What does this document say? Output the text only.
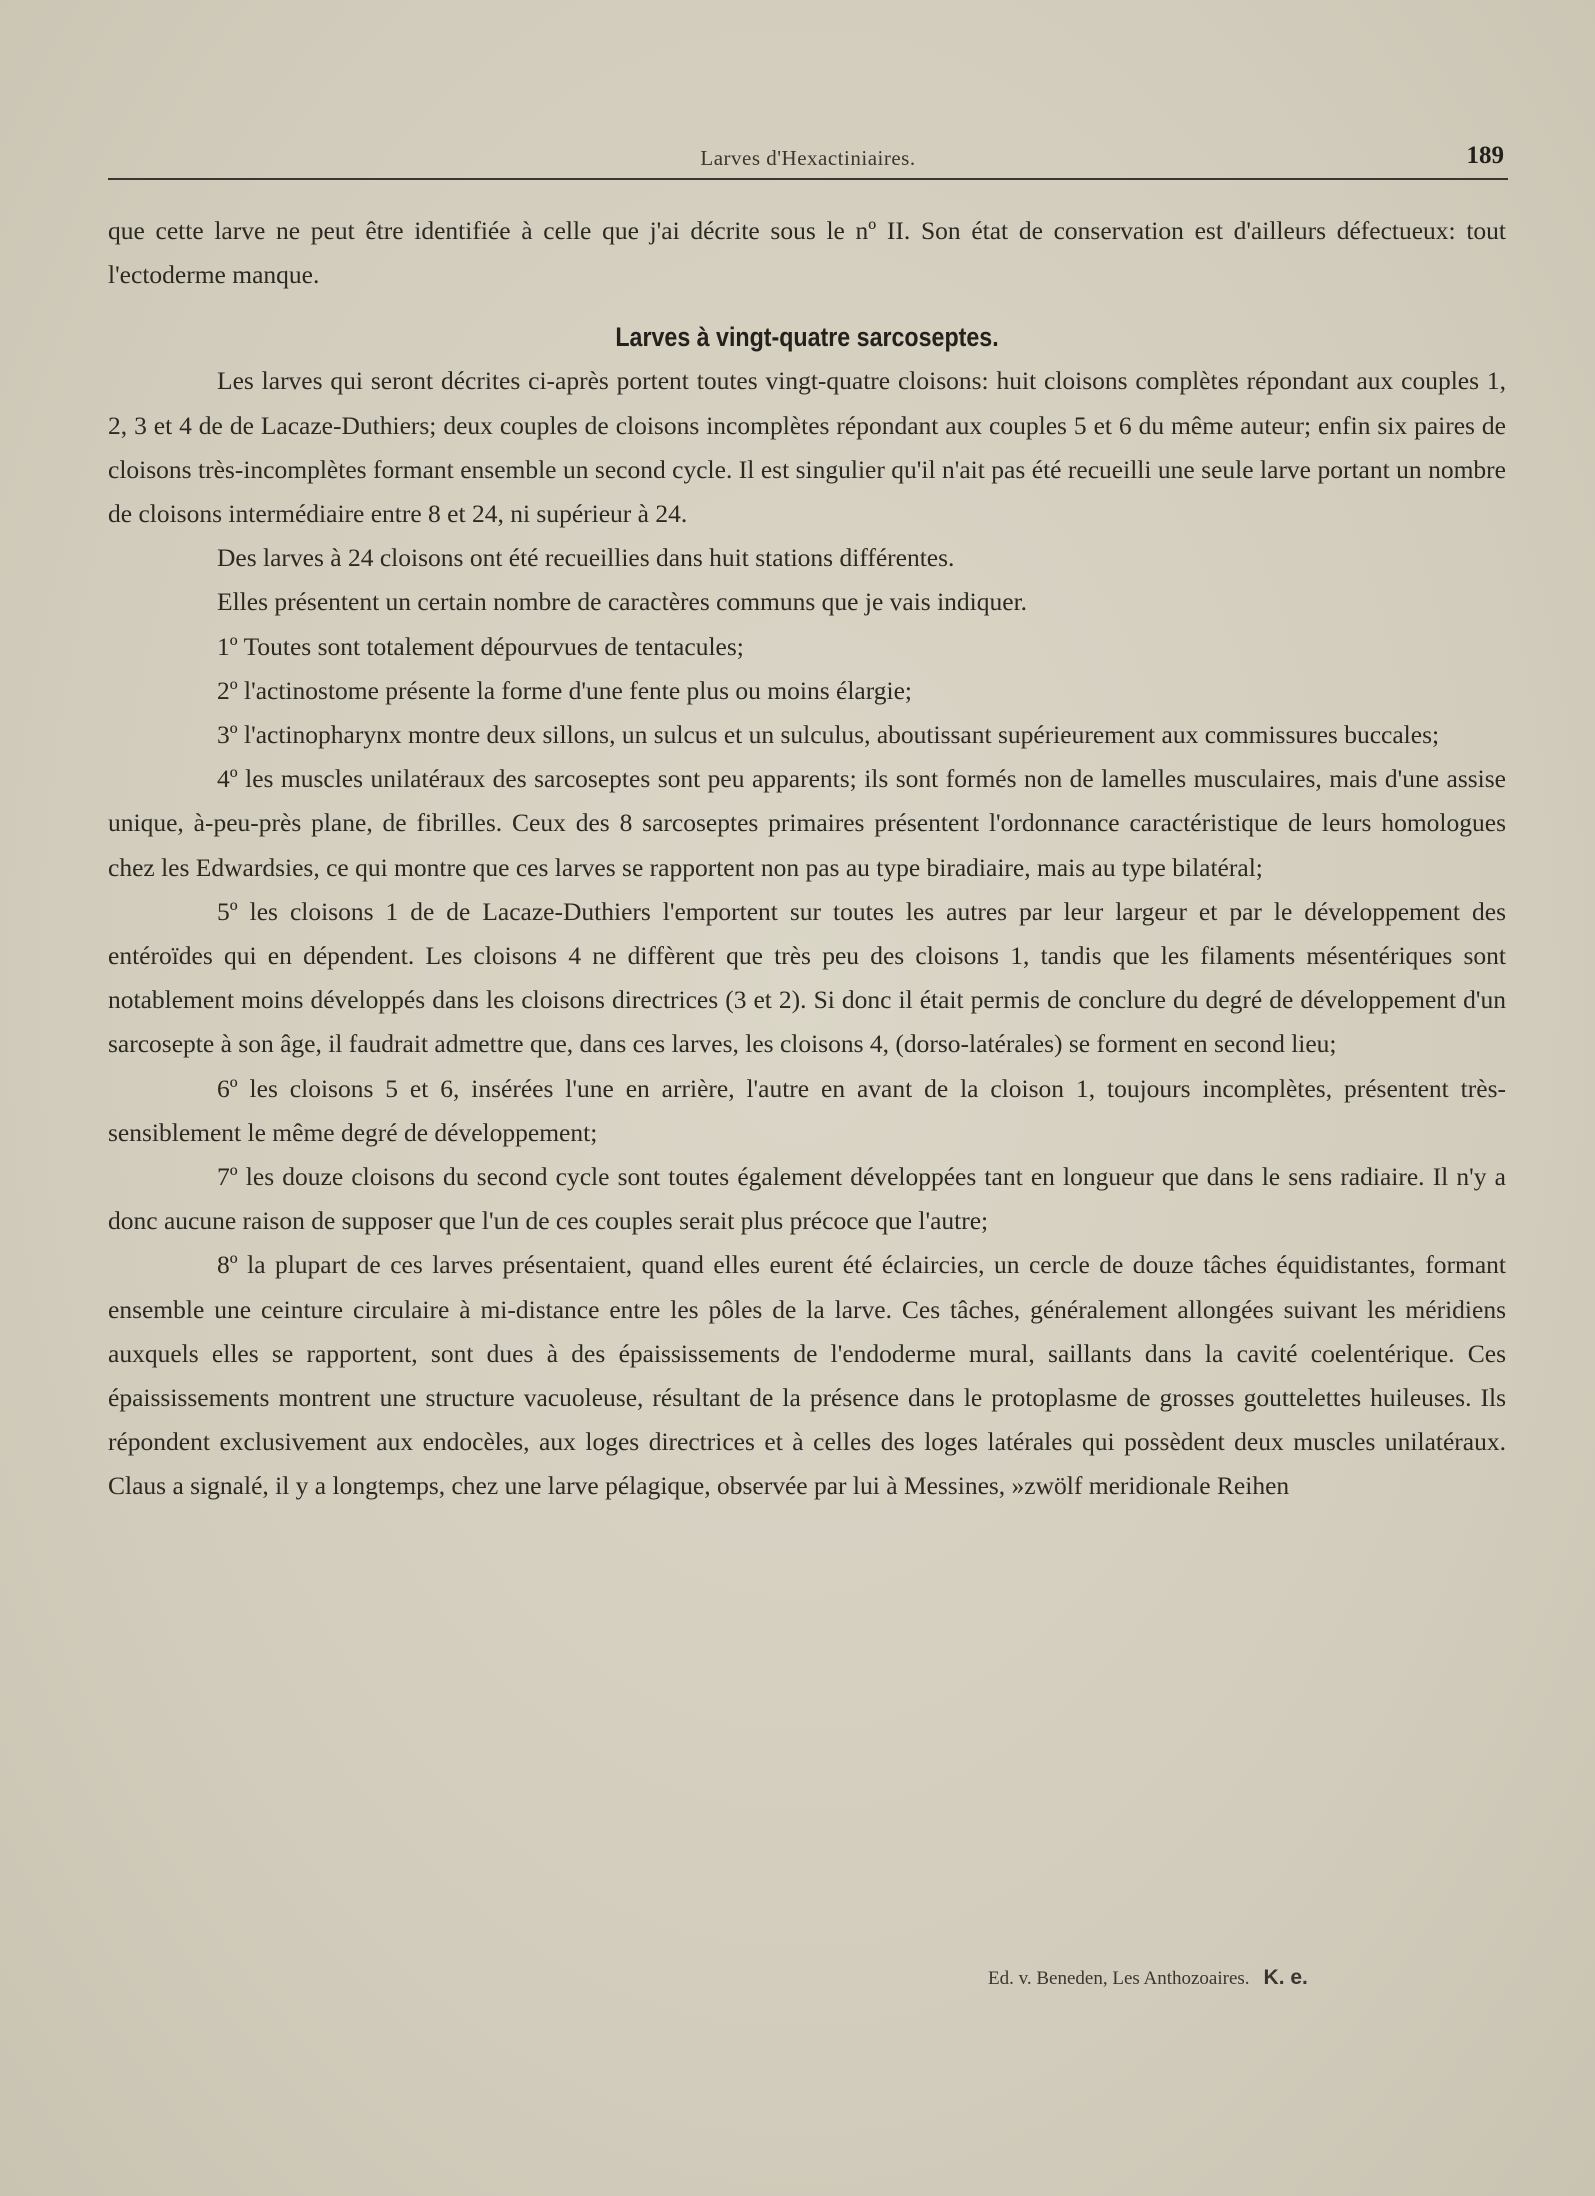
Larves d'Hexactiniaires.	189

que cette larve ne peut être identifiée à celle que j'ai décrite sous le nº II. Son état de conservation est d'ailleurs défectueux: tout l'ectoderme manque.

Larves à vingt-quatre sarcoseptes.

Les larves qui seront décrites ci-après portent toutes vingt-quatre cloisons: huit cloisons complètes répondant aux couples 1, 2, 3 et 4 de de Lacaze-Duthiers; deux couples de cloisons incomplètes répondant aux couples 5 et 6 du même auteur; enfin six paires de cloisons très-incomplètes formant ensemble un second cycle. Il est singulier qu'il n'ait pas été recueilli une seule larve portant un nombre de cloisons intermédiaire entre 8 et 24, ni supérieur à 24.

Des larves à 24 cloisons ont été recueillies dans huit stations différentes.

Elles présentent un certain nombre de caractères communs que je vais indiquer.

1º Toutes sont totalement dépourvues de tentacules;

2º l'actinostome présente la forme d'une fente plus ou moins élargie;

3º l'actinopharynx montre deux sillons, un sulcus et un sulculus, aboutissant supérieurement aux commissures buccales;

4º les muscles unilatéraux des sarcoseptes sont peu apparents; ils sont formés non de lamelles musculaires, mais d'une assise unique, à-peu-près plane, de fibrilles. Ceux des 8 sarcoseptes primaires présentent l'ordonnance caractéristique de leurs homologues chez les Edwardsies, ce qui montre que ces larves se rapportent non pas au type biradiaire, mais au type bilatéral;

5º les cloisons 1 de de Lacaze-Duthiers l'emportent sur toutes les autres par leur largeur et par le développement des entéroïdes qui en dépendent. Les cloisons 4 ne diffèrent que très peu des cloisons 1, tandis que les filaments mésentériques sont notablement moins développés dans les cloisons directrices (3 et 2). Si donc il était permis de conclure du degré de développement d'un sarcosepte à son âge, il faudrait admettre que, dans ces larves, les cloisons 4, (dorso-latérales) se forment en second lieu;

6º les cloisons 5 et 6, insérées l'une en arrière, l'autre en avant de la cloison 1, toujours incomplètes, présentent très-sensiblement le même degré de développement;

7º les douze cloisons du second cycle sont toutes également développées tant en longueur que dans le sens radiaire. Il n'y a donc aucune raison de supposer que l'un de ces couples serait plus précoce que l'autre;

8º la plupart de ces larves présentaient, quand elles eurent été éclaircies, un cercle de douze tâches équidistantes, formant ensemble une ceinture circulaire à mi-distance entre les pôles de la larve. Ces tâches, généralement allongées suivant les méridiens auxquels elles se rapportent, sont dues à des épaississements de l'endoderme mural, saillants dans la cavité coelentérique. Ces épaississements montrent une structure vacuoleuse, résultant de la présence dans le protoplasme de grosses gouttelettes huileuses. Ils répondent exclusivement aux endocèles, aux loges directrices et à celles des loges latérales qui possèdent deux muscles unilatéraux. Claus a signalé, il y a longtemps, chez une larve pélagique, observée par lui à Messines, »zwölf meridionale Reihen

Ed. v. Beneden, Les Anthozoaires. K. e.
